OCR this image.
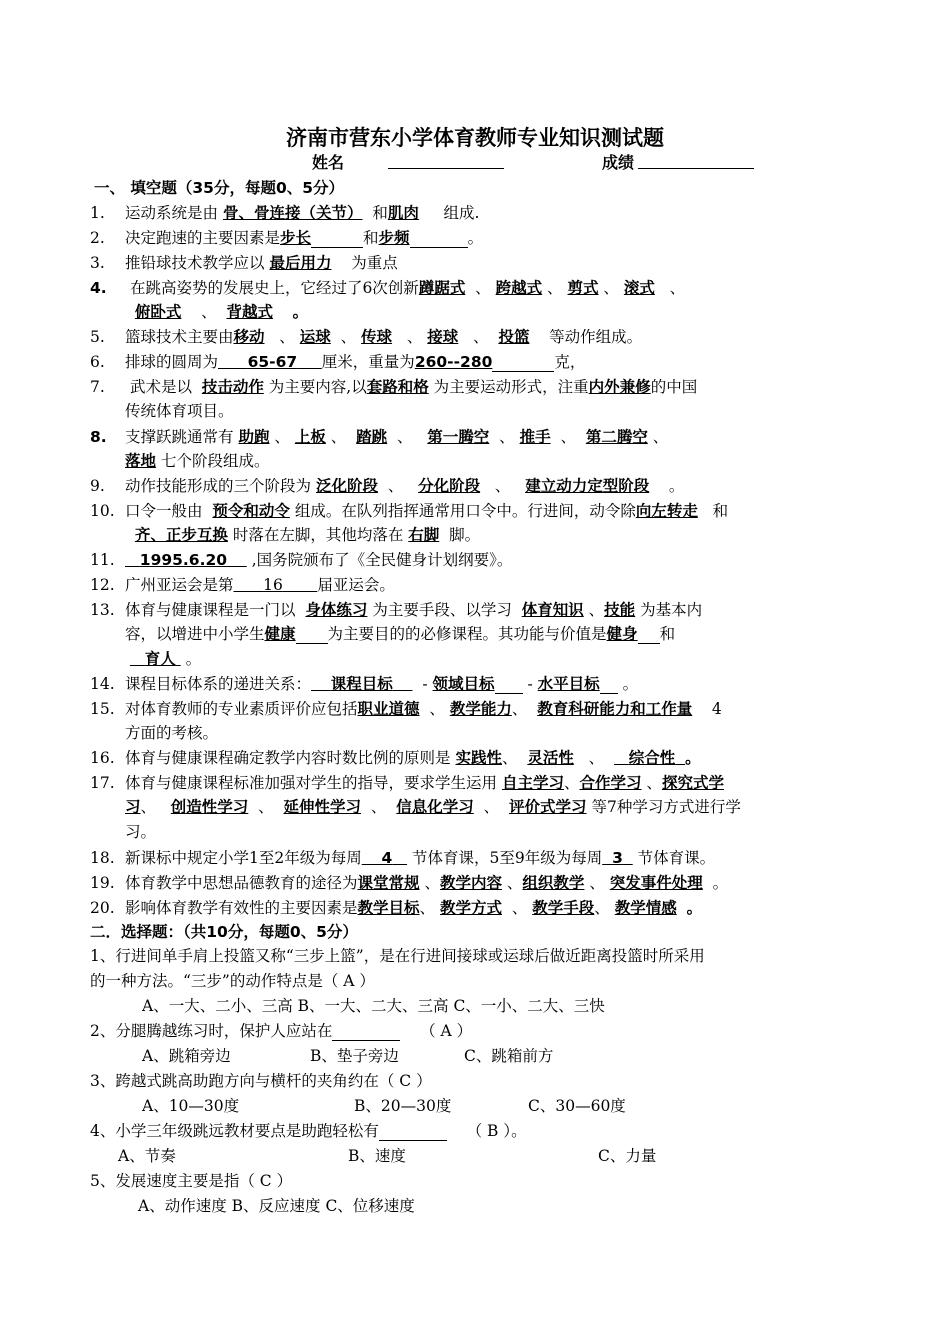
济南市营东小学体育教师专业知识测试题
姓名	成绩
一、 填空题（35分，每题0、5分）
1. 运动系统是由 骨、骨连接（关节） 和肌肉 组成.
2. 决定跑速的主要因素是步长	和步频	。
3. 推铅球技术教学应以 最后用力 为重点
4. 在跳高姿势的发展史上，它经过了6次创新蹲踞式  、 跨越式 、 剪式 、 滚式   、
俯卧式    、  背越式 。
5. 篮球技术主要由移动   、 运球  、 传球   、 接球   、  投篮 等动作组成。
6. 排球的圆周为 65-67 厘米，重量为260--280	克，
7. 武术是以 技击动作 为主要内容,以套路和格 为主要运动形式，注重内外兼修的中国
传统体育项目。
8. 支撑跃跳通常有 助跑 、 上板 、  踏跳  、   第一腾空  、 推手  、  第二腾空 、
落地 七个阶段组成。
9. 动作技能形成的三个阶段为 泛化阶段  、   分化阶段   、   建立动力定型阶段 。
10. 口令一般由 预令和动令 组成。在队列指挥通常用口令中。行进间，动令除向左转走 和
齐、正步互换 时落在左脚，其他均落在 右脚 脚。
11. 1995.6.20 ,国务院颁布了《全民健身计划纲要》。
12. 广州亚运会是第 16 届亚运会。
13. 体育与健康课程是一门以 身体练习 为主要手段、以学习 体育知识 、技能 为基本内
容，以增进中小学生健康 为主要目的的必修课程。其功能与价值是健身 和
育人 。
14. 课程目标体系的递进关系： 课程目标 - 领域目标 - 水平目标 。
15. 对体育教师的专业素质评价应包括职业道德  、 教学能力、  教育科研能力和工作量 4
方面的考核。
16. 体育与健康课程确定教学内容时数比例的原则是 实践性、  灵活性   、     综合性 。
17. 体育与健康课程标准加强对学生的指导，要求学生运用 自主学习、合作学习 、探究式学
习、   创造性学习  、  延伸性学习  、  信息化学习  、  评价式学习 等7种学习方式进行学
习。
18. 新课标中规定小学1至2年级为每周 4 节体育课，5至9年级为每周 3 节体育课。
19. 体育教学中思想品德教育的途径为课堂常规 、教学内容 、组织教学 、 突发事件处理 。
20. 影响体育教学有效性的主要因素是教学目标、 教学方式  、 教学手段、 教学情感 。
二．选择题：（共10分，每题0、5分）
1、行进间单手肩上投篮又称“三步上篮”，是在行进间接球或运球后做近距离投篮时所采用
的一种方法。“三步”的动作特点是（ A ）
A、一大、二小、三高 B、一大、二大、三高 C、一小、二大、三快
2、分腿腾越练习时，保护人应站在	（ A ）
A、跳箱旁边	B、垫子旁边	C、跳箱前方
3、跨越式跳高助跑方向与横杆的夹角约在（ C ）
A、10—30度	B、20—30度	C、30—60度
4、小学三年级跳远教材要点是助跑轻松有	（ B ）。
A、节奏	B、速度	C、力量
5、发展速度主要是指（ C ）
A、动作速度 B、反应速度 C、位移速度
